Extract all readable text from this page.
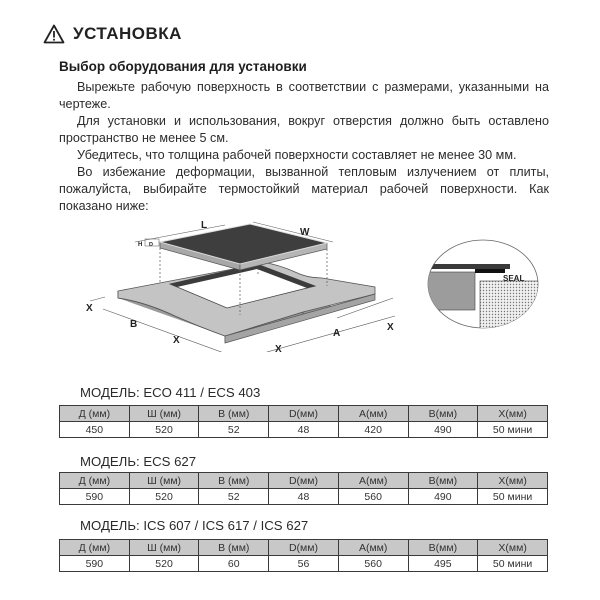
УСТАНОВКА
Выбор оборудования для установки

Вырежьте рабочую поверхность в соответствии с размерами, указанными на чертеже.

Для установки и использования, вокруг отверстия должно быть оставлено пространство не менее 5 см.

Убедитесь, что толщина рабочей поверхности составляет не менее 30 мм.

Во избежание деформации, вызванной тепловым излучением от плиты, пожалуйста, выбирайте термостойкий материал рабочей поверхности. Как показано ниже:

L
W
H D
X
B
X
X
A
X
SEAL
МОДЕЛЬ: ECO 411 / ECS 403
Д (мм)	Ш (мм)	В (мм)	D(мм)	А(мм)	В(мм)	X(мм)
450	520	52	48	420	490	50 мини
МОДЕЛЬ: ECS 627
Д (мм)	Ш (мм)	В (мм)	D(мм)	А(мм)	В(мм)	X(мм)
590	520	52	48	560	490	50 мини
МОДЕЛЬ: ICS 607 / ICS 617 / ICS 627
Д (мм)	Ш (мм)	В (мм)	D(мм)	А(мм)	В(мм)	X(мм)
590	520	60	56	560	495	50 мини
